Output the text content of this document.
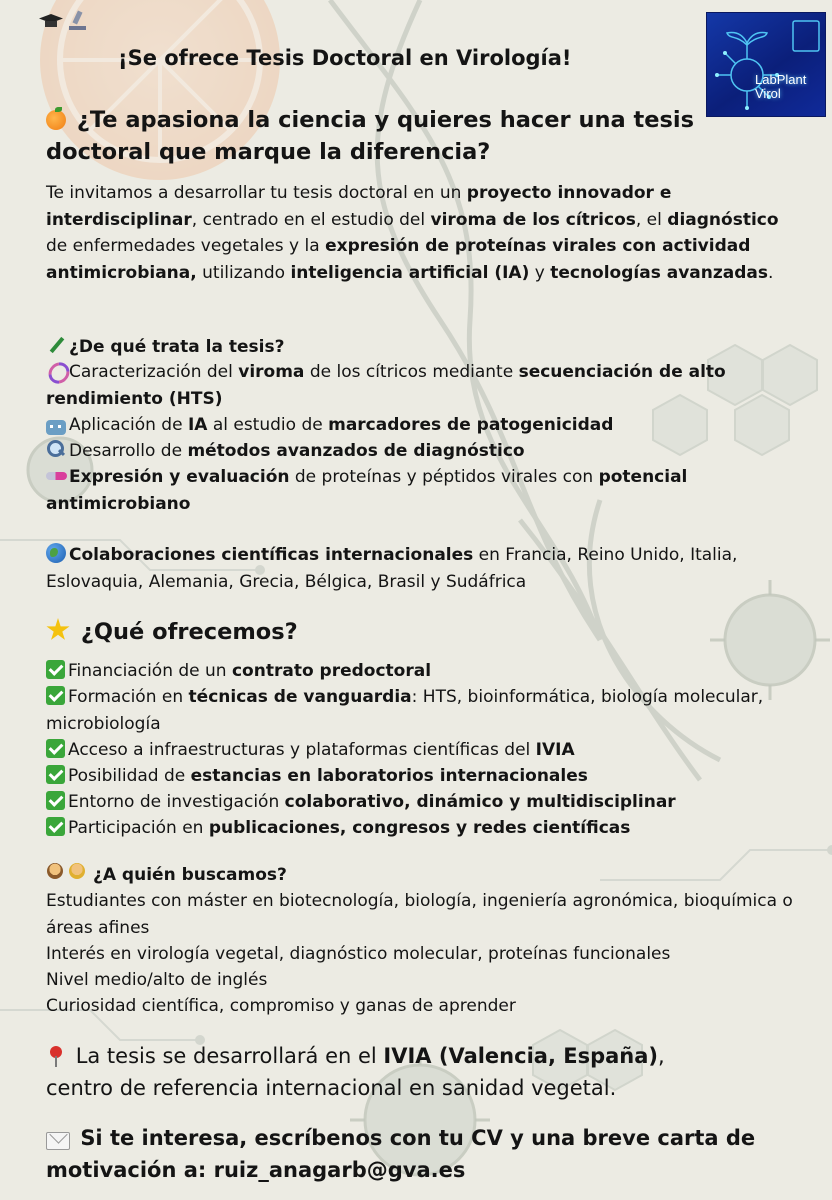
¡Se ofrece Tesis Doctoral en Virología!
LabPlant
Virol
¿Te apasiona la ciencia y quieres hacer una tesis
doctoral que marque la diferencia?
Te invitamos a desarrollar tu tesis doctoral en un proyecto innovador e interdisciplinar, centrado en el estudio del viroma de los cítricos, el diagnóstico de enfermedades vegetales y la expresión de proteínas virales con actividad antimicrobiana, utilizando inteligencia artificial (IA) y tecnologías avanzadas.
¿De qué trata la tesis?
Caracterización del viroma de los cítricos mediante secuenciación de alto rendimiento (HTS)
Aplicación de IA al estudio de marcadores de patogenicidad
Desarrollo de métodos avanzados de diagnóstico
Expresión y evaluación de proteínas y péptidos virales con potencial antimicrobiano
Colaboraciones científicas internacionales en Francia, Reino Unido, Italia, Eslovaquia, Alemania, Grecia, Bélgica, Brasil y Sudáfrica
¿Qué ofrecemos?
Financiación de un contrato predoctoral
Formación en técnicas de vanguardia: HTS, bioinformática, biología molecular, microbiología
Acceso a infraestructuras y plataformas científicas del IVIA
Posibilidad de estancias en laboratorios internacionales
Entorno de investigación colaborativo, dinámico y multidisciplinar
Participación en publicaciones, congresos y redes científicas
¿A quién buscamos?
Estudiantes con máster en biotecnología, biología, ingeniería agronómica, bioquímica o áreas afines
Interés en virología vegetal, diagnóstico molecular, proteínas funcionales
Nivel medio/alto de inglés
Curiosidad científica, compromiso y ganas de aprender
La tesis se desarrollará en el IVIA (Valencia, España),
centro de referencia internacional en sanidad vegetal.
Si te interesa, escríbenos con tu CV y una breve carta de
motivación a: ruiz_anagarb@gva.es
